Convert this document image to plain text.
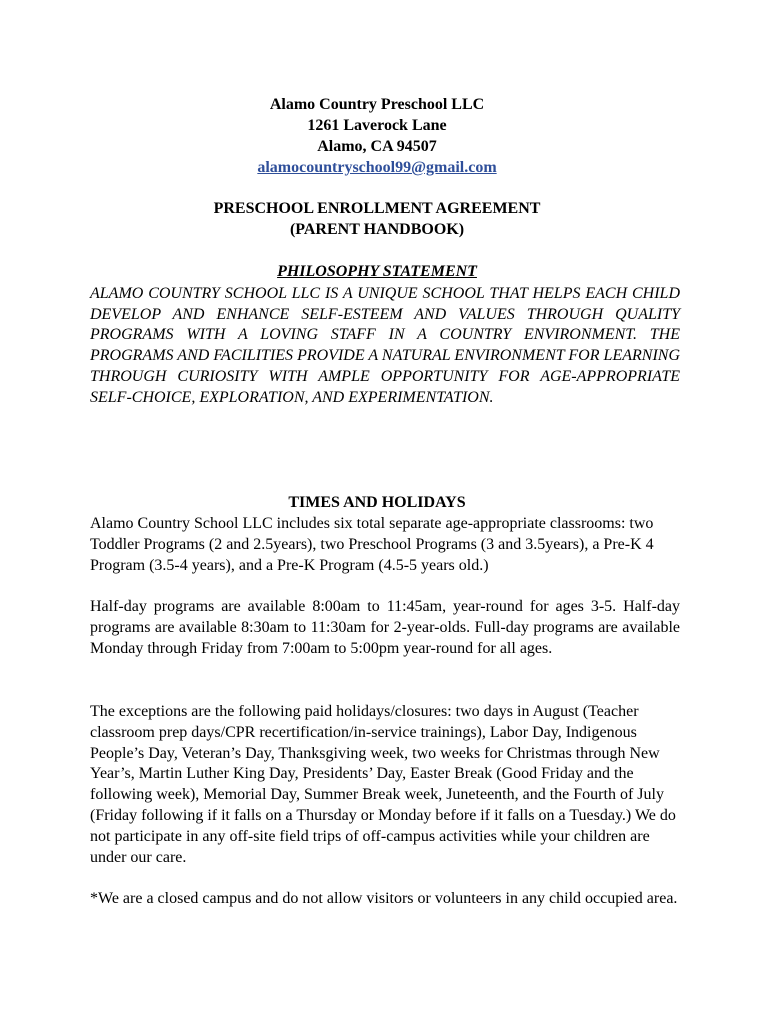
Alamo Country Preschool LLC
1261 Laverock Lane
Alamo, CA 94507
alamocountryschool99@gmail.com
PRESCHOOL ENROLLMENT AGREEMENT
(PARENT HANDBOOK)
PHILOSOPHY STATEMENT
ALAMO COUNTRY SCHOOL LLC IS A UNIQUE SCHOOL THAT HELPS EACH CHILD DEVELOP AND ENHANCE SELF-ESTEEM AND VALUES THROUGH QUALITY PROGRAMS WITH A LOVING STAFF IN A COUNTRY ENVIRONMENT. THE PROGRAMS AND FACILITIES PROVIDE A NATURAL ENVIRONMENT FOR LEARNING THROUGH CURIOSITY WITH AMPLE OPPORTUNITY FOR AGE-APPROPRIATE SELF-CHOICE, EXPLORATION, AND EXPERIMENTATION.
TIMES AND HOLIDAYS
Alamo Country School LLC includes six total separate age-appropriate classrooms: two Toddler Programs (2 and 2.5years), two Preschool Programs (3 and 3.5years), a Pre-K 4 Program (3.5-4 years), and a Pre-K Program (4.5-5 years old.)
Half-day programs are available 8:00am to 11:45am, year-round for ages 3-5. Half-day programs are available 8:30am to 11:30am for 2-year-olds. Full-day programs are available Monday through Friday from 7:00am to 5:00pm year-round for all ages.
The exceptions are the following paid holidays/closures: two days in August (Teacher classroom prep days/CPR recertification/in-service trainings), Labor Day, Indigenous People’s Day, Veteran’s Day, Thanksgiving week, two weeks for Christmas through New Year’s, Martin Luther King Day, Presidents’ Day, Easter Break (Good Friday and the following week), Memorial Day, Summer Break week, Juneteenth, and the Fourth of July (Friday following if it falls on a Thursday or Monday before if it falls on a Tuesday.) We do not participate in any off-site field trips of off-campus activities while your children are under our care.
*We are a closed campus and do not allow visitors or volunteers in any child occupied area.
